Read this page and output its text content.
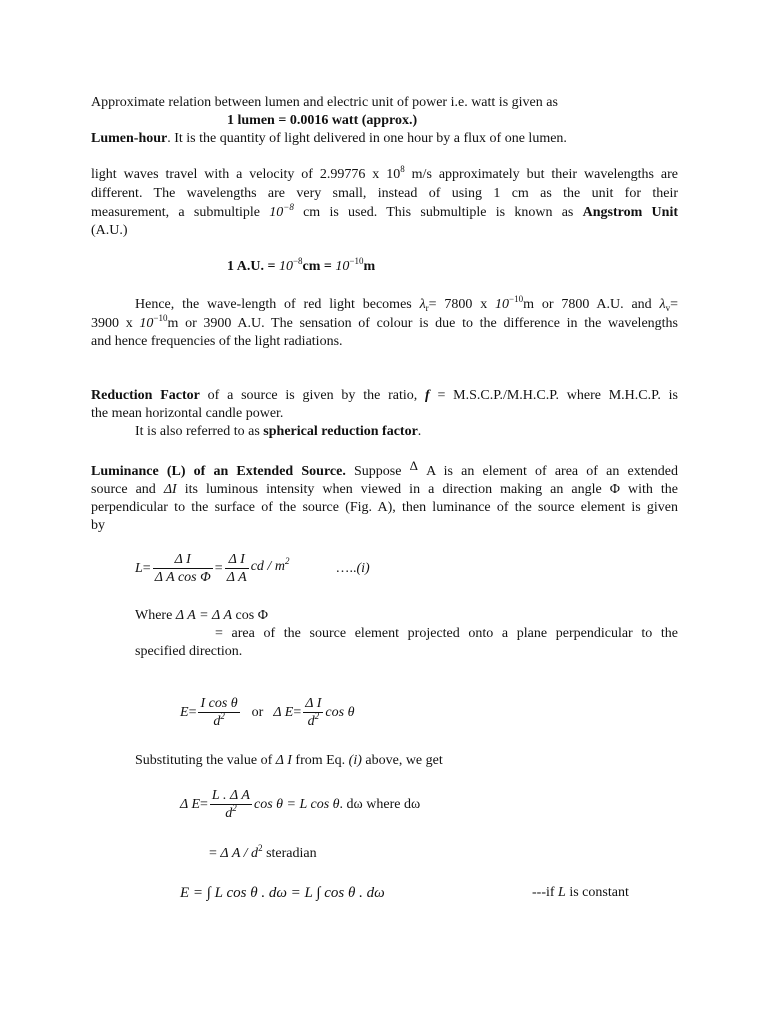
Approximate relation between lumen and electric unit of power i.e. watt is given as
1 lumen = 0.0016 watt (approx.)
Lumen-hour. It is the quantity of light delivered in one hour by a flux of one lumen.
light waves travel with a velocity of 2.99776 x $10^8$ m/s approximately but their wavelengths are
different. The wavelengths are very small, instead of using 1 cm as the unit for their
measurement, a submultiple $10^{-8}$ cm is used. This submultiple is known as Angstrom Unit
(A.U.)
1 A.U. = $10^{-8}cm = 10^{-10}m$
Hence, the wave-length of red light becomes $\lambda_r= 7800$ x $10^{-10}m$ or 7800 A.U. and $\lambda_v=$
3900 x $10^{-10}m$ or 3900 A.U. The sensation of colour is due to the difference in the wavelengths
and hence frequencies of the light radiations.
Reduction Factor of a source is given by the ratio, f = M.S.C.P./M.H.C.P. where M.H.C.P. is
the mean horizontal candle power.
It is also referred to as spherical reduction factor.
Luminance (L) of an Extended Source. Suppose $^\Delta$ A is an element of area of an extended
source and ΔI its luminous intensity when viewed in a direction making an angle Φ with the
perpendicular to the surface of the source (Fig. A), then luminance of the source element is given
by
$L = \frac{\text{Δ I}}{\text{Δ A cos Φ}} = \frac{\text{Δ I}}{\text{Δ A}}$ cd / $m^2$	…..(i)
Where Δ A = Δ A cos Φ
= area of the source element projected onto a plane perpendicular to the
specified direction.
$E = \frac{\text{I cos θ}}{d^2}$ or Δ $E = \frac{\text{Δ I}}{d^2}$ cos θ
Substituting the value of Δ I from Eq. (i) above, we get
Δ $E = \frac{\text{L . Δ A}}{d^2}$ cos θ = L cos θ . dω where dω
= Δ A / $d^2$ steradian
E = ∫ L cos θ . dω = L ∫ cos θ . dω	---if L is constant
